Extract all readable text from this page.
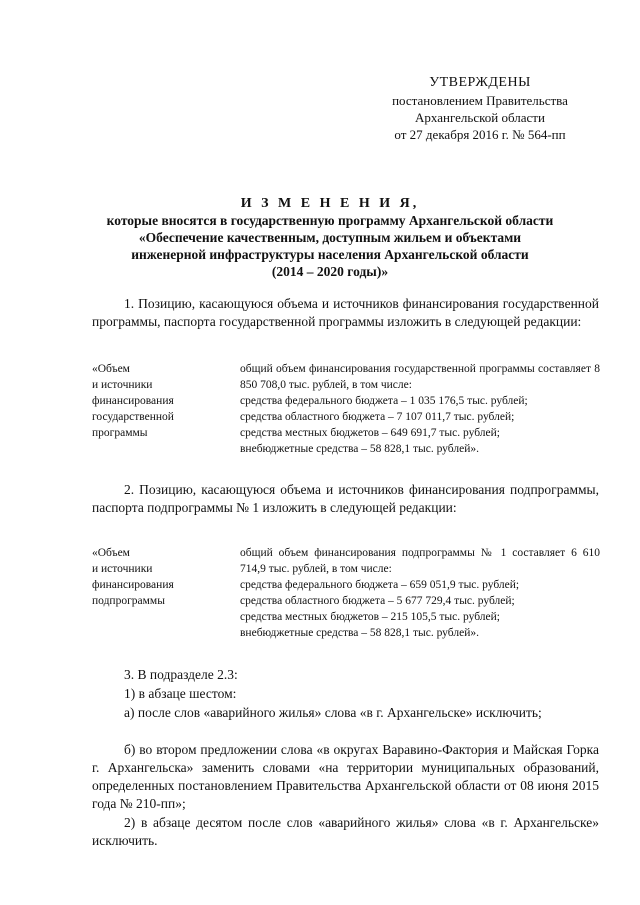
УТВЕРЖДЕНЫ
постановлением Правительства
Архангельской области
от 27 декабря 2016 г. № 564-пп
И З М Е Н Е Н И Я,
которые вносятся в государственную программу Архангельской области
«Обеспечение качественным, доступным жильем и объектами
инженерной инфраструктуры населения Архангельской области
(2014 – 2020 годы)»
1. Позицию, касающуюся объема и источников финансирования государственной программы, паспорта государственной программы изложить в следующей редакции:
«Объем
и источники
финансирования
государственной
программы
общий объем финансирования государственной программы составляет 8 850 708,0 тыс. рублей, в том числе:
средства федерального бюджета – 1 035 176,5 тыс. рублей;
средства областного бюджета – 7 107 011,7 тыс. рублей;
средства местных бюджетов – 649 691,7 тыс. рублей;
внебюджетные средства – 58 828,1 тыс. рублей».
2. Позицию, касающуюся объема и источников финансирования подпрограммы, паспорта подпрограммы № 1 изложить в следующей редакции:
«Объем
и источники
финансирования
подпрограммы
общий объем финансирования подпрограммы № 1 составляет 6 610 714,9 тыс. рублей, в том числе:
средства федерального бюджета – 659 051,9 тыс. рублей;
средства областного бюджета – 5 677 729,4 тыс. рублей;
средства местных бюджетов – 215 105,5 тыс. рублей;
внебюджетные средства – 58 828,1 тыс. рублей».
3. В подразделе 2.3:
1) в абзаце шестом:
а) после слов «аварийного жилья» слова «в г. Архангельске» исключить;
б) во втором предложении слова «в округах Варавино-Фактория и Майская Горка г. Архангельска» заменить словами «на территории муниципальных образований, определенных постановлением Правительства Архангельской области от 08 июня 2015 года № 210-пп»;
2) в абзаце десятом после слов «аварийного жилья» слова «в г. Архангельске» исключить.
